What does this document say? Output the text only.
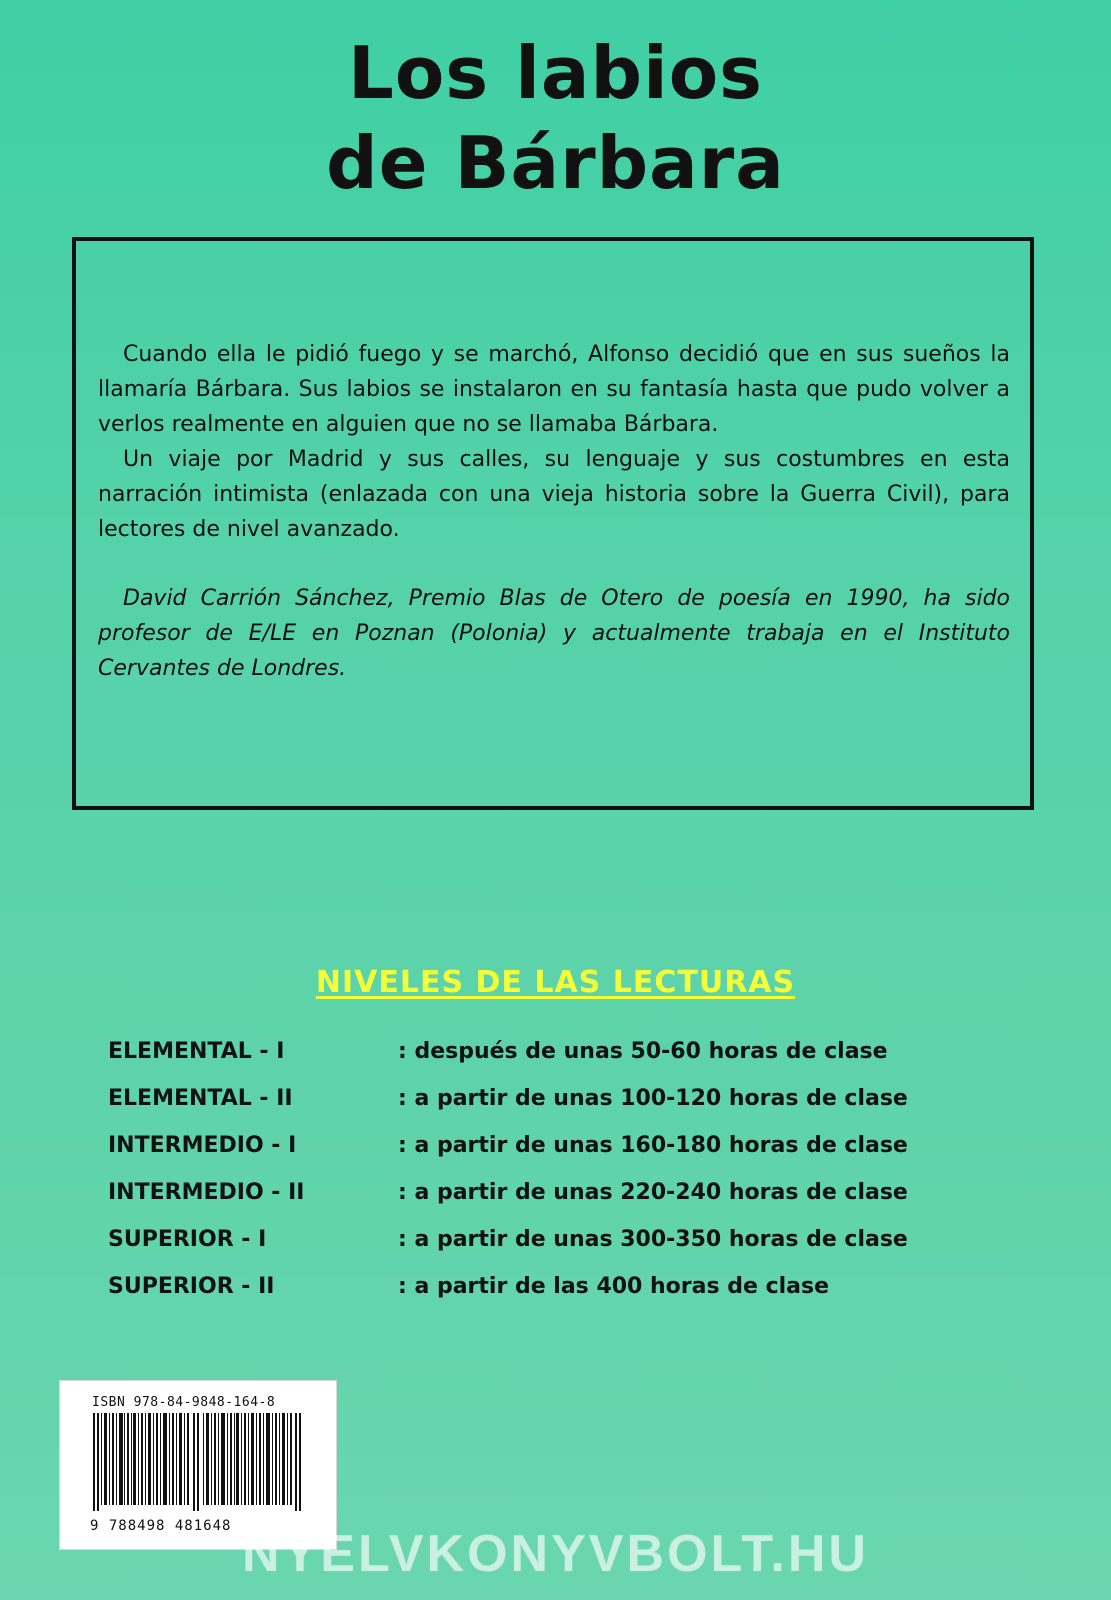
Los labios
de Bárbara

Cuando ella le pidió fuego y se marchó, Alfonso decidió que en sus sueños la llamaría Bárbara. Sus labios se instalaron en su fantasía hasta que pudo volver a verlos realmente en alguien que no se llamaba Bárbara.

Un viaje por Madrid y sus calles, su lenguaje y sus costumbres en esta narración intimista (enlazada con una vieja historia sobre la Guerra Civil), para lectores de nivel avanzado.

David Carrión Sánchez, Premio Blas de Otero de poesía en 1990, ha sido profesor de E/LE en Poznan (Polonia) y actualmente trabaja en el Instituto Cervantes de Londres.

NIVELES DE LAS LECTURAS
ELEMENTAL - I	: después de unas 50-60 horas de clase
ELEMENTAL - II	: a partir de unas 100-120 horas de clase
INTERMEDIO - I	: a partir de unas 160-180 horas de clase
INTERMEDIO - II	: a partir de unas 220-240 horas de clase
SUPERIOR - I	: a partir de unas 300-350 horas de clase
SUPERIOR - II	: a partir de las 400 horas de clase
ISBN 978-84-9848-164-8
9 788498 481648 NYELVKONYVBOLT.HU
